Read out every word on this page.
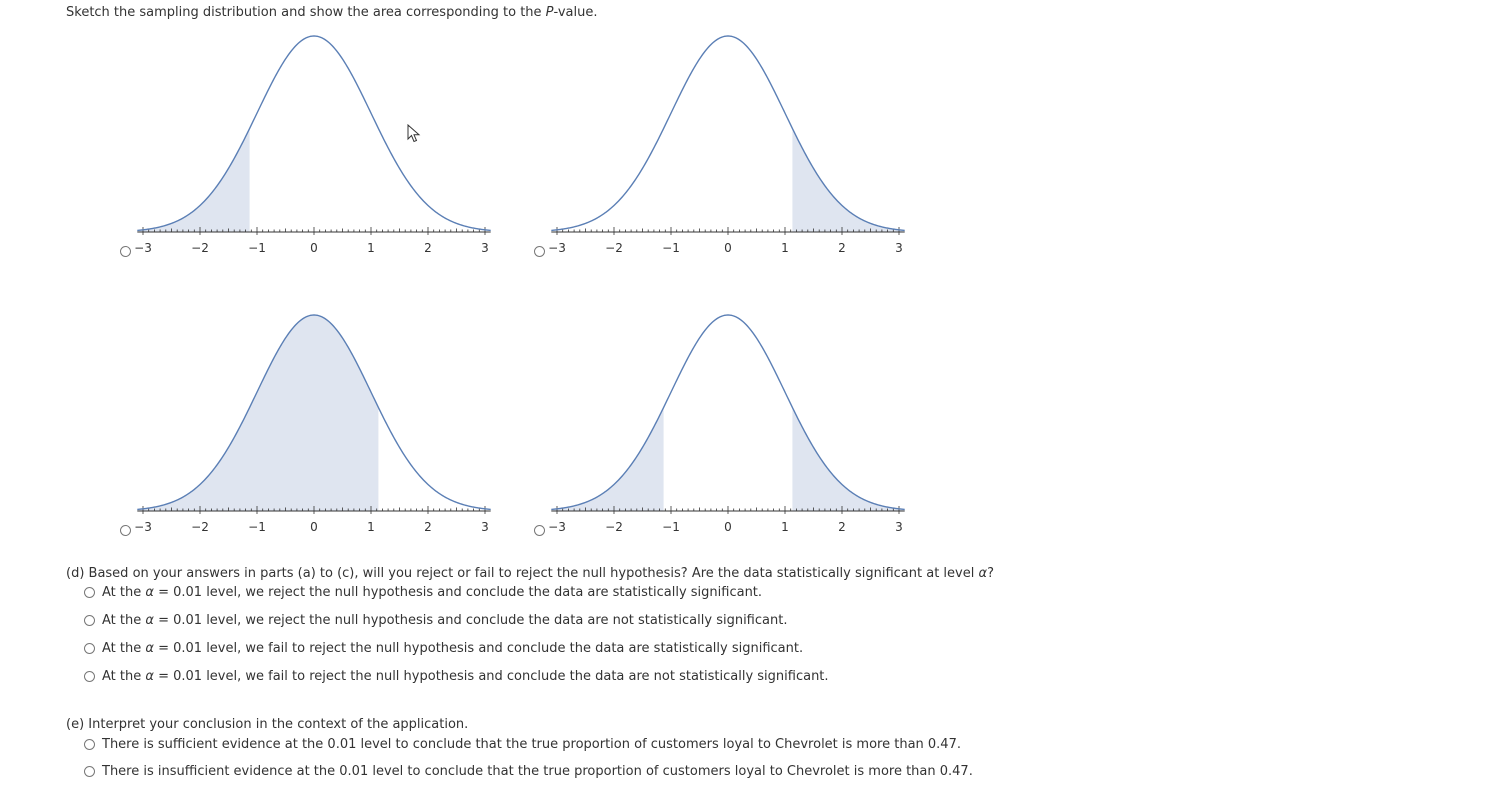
Sketch the sampling distribution and show the area corresponding to the P-value.
−3	−2	−1	0	1	2	3	−3	−2	−1	0	1	2	3
−3	−2	−1	0	1	2	3	−3	−2	−1	0	1	2	3
(d) Based on your answers in parts (a) to (c), will you reject or fail to reject the null hypothesis? Are the data statistically significant at level α?
At the α = 0.01 level, we reject the null hypothesis and conclude the data are statistically significant.
At the α = 0.01 level, we reject the null hypothesis and conclude the data are not statistically significant.
At the α = 0.01 level, we fail to reject the null hypothesis and conclude the data are statistically significant.
At the α = 0.01 level, we fail to reject the null hypothesis and conclude the data are not statistically significant.
(e) Interpret your conclusion in the context of the application.
There is sufficient evidence at the 0.01 level to conclude that the true proportion of customers loyal to Chevrolet is more than 0.47.
There is insufficient evidence at the 0.01 level to conclude that the true proportion of customers loyal to Chevrolet is more than 0.47.
